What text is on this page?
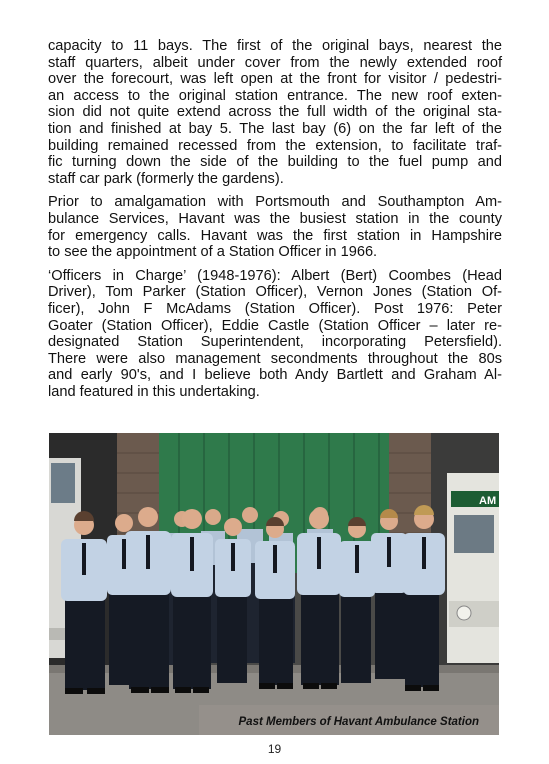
capacity to 11 bays. The first of the original bays, nearest the
staff quarters, albeit under cover from the newly extended roof
over the forecourt, was left open at the front for visitor / pedestri-
an access to the original station entrance. The new roof exten-
sion did not quite extend across the full width of the original sta-
tion and finished at bay 5. The last bay (6) on the far left of the
building remained recessed from the extension, to facilitate traf-
fic turning down the side of the building to the fuel pump and
staff car park (formerly the gardens).

Prior to amalgamation with Portsmouth and Southampton Am-
bulance Services, Havant was the busiest station in the county
for emergency calls. Havant was the first station in Hampshire
to see the appointment of a Station Officer in 1966.

‘Officers in Charge’ (1948-1976): Albert (Bert) Coombes (Head
Driver), Tom Parker (Station Officer), Vernon Jones (Station Of-
ficer), John F McAdams (Station Officer). Post 1976: Peter
Goater (Station Officer), Eddie Castle (Station Officer – later re-
designated Station Superintendent, incorporating Petersfield).
There were also management secondments throughout the 80s
and early 90's, and I believe both Andy Bartlett and Graham Al-
land featured in this undertaking.

AM
Past Members of Havant Ambulance Station
19
